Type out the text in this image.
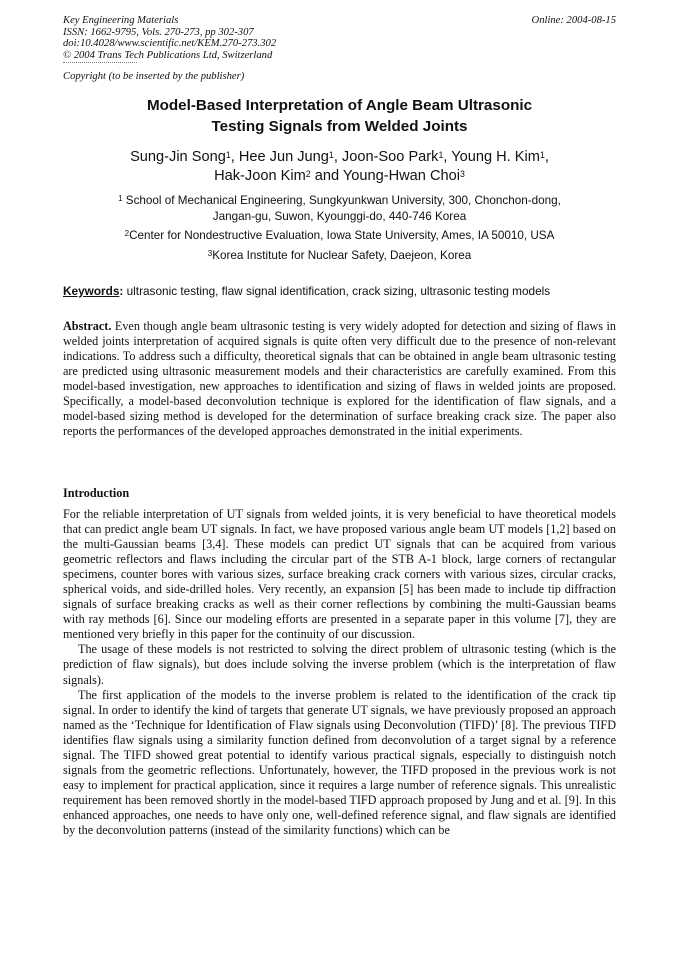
Key Engineering Materials
ISSN: 1662-9795, Vols. 270-273, pp 302-307
doi:10.4028/www.scientific.net/KEM.270-273.302
© 2004 Trans Tech Publications Ltd, Switzerland
Online: 2004-08-15
Copyright (to be inserted by the publisher)
Model-Based Interpretation of Angle Beam Ultrasonic
Testing Signals from Welded Joints
Sung-Jin Song$^1$, Hee Jun Jung$^1$, Joon-Soo Park$^1$, Young H. Kim$^1$,
Hak-Joon Kim$^2$ and Young-Hwan Choi$^3$
$^1$ School of Mechanical Engineering, Sungkyunkwan University, 300, Chonchon-dong,
Jangan-gu, Suwon, Kyounggi-do, 440-746 Korea
$^2$Center for Nondestructive Evaluation, Iowa State University, Ames, IA 50010, USA
$^3$Korea Institute for Nuclear Safety, Daejeon, Korea
Keywords: ultrasonic testing, flaw signal identification, crack sizing, ultrasonic testing models
Abstract. Even though angle beam ultrasonic testing is very widely adopted for detection and sizing of flaws in welded joints interpretation of acquired signals is quite often very difficult due to the presence of non-relevant indications. To address such a difficulty, theoretical signals that can be obtained in angle beam ultrasonic testing are predicted using ultrasonic measurement models and their characteristics are carefully examined. From this model-based investigation, new approaches to identification and sizing of flaws in welded joints are proposed. Specifically, a model-based deconvolution technique is explored for the identification of flaw signals, and a model-based sizing method is developed for the determination of surface breaking crack size. The paper also reports the performances of the developed approaches demonstrated in the initial experiments.
Introduction

For the reliable interpretation of UT signals from welded joints, it is very beneficial to have theoretical models that can predict angle beam UT signals. In fact, we have proposed various angle beam UT models [1,2] based on the multi-Gaussian beams [3,4]. These models can predict UT signals that can be acquired from various geometric reflectors and flaws including the circular part of the STB A-1 block, large corners of rectangular specimens, counter bores with various sizes, surface breaking crack corners with various sizes, circular cracks, spherical voids, and side-drilled holes. Very recently, an expansion [5] has been made to include tip diffraction signals of surface breaking cracks as well as their corner reflections by combining the multi-Gaussian beams with ray methods [6]. Since our modeling efforts are presented in a separate paper in this volume [7], they are mentioned very briefly in this paper for the continuity of our discussion.

The usage of these models is not restricted to solving the direct problem of ultrasonic testing (which is the prediction of flaw signals), but does include solving the inverse problem (which is the interpretation of flaw signals).

The first application of the models to the inverse problem is related to the identification of the crack tip signal. In order to identify the kind of targets that generate UT signals, we have previously proposed an approach named as the ‘Technique for Identification of Flaw signals using Deconvolution (TIFD)’ [8]. The previous TIFD identifies flaw signals using a similarity function defined from deconvolution of a target signal by a reference signal. The TIFD showed great potential to identify various practical signals, especially to distinguish notch signals from the geometric reflections. Unfortunately, however, the TIFD proposed in the previous work is not easy to implement for practical application, since it requires a large number of reference signals. This unrealistic requirement has been removed shortly in the model-based TIFD approach proposed by Jung and et al. [9]. In this enhanced approaches, one needs to have only one, well-defined reference signal, and flaw signals are identified by the deconvolution patterns (instead of the similarity functions) which can be
